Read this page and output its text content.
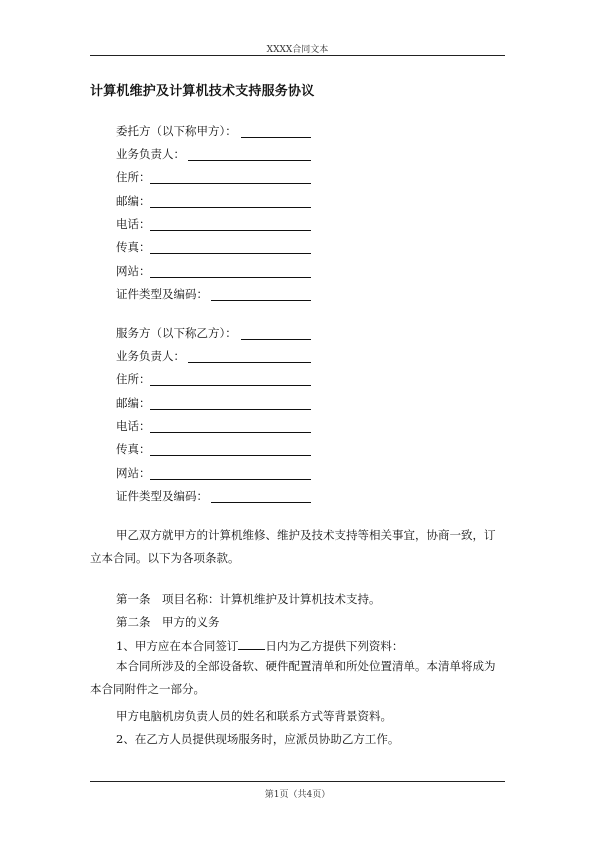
XXXX合同文本
计算机维护及计算机技术支持服务协议
委托方（以下称甲方）：
业务负责人：
住所：
邮编：
电话：
传真：
网站：
证件类型及编码：
服务方（以下称乙方）：
业务负责人：
住所：
邮编：
电话：
传真：
网站：
证件类型及编码：
甲乙双方就甲方的计算机维修、维护及技术支持等相关事宜，协商一致，订立本合同。以下为各项条款。
第一条　项目名称：计算机维护及计算机技术支持。
第二条　甲方的义务
1、甲方应在本合同签订 日内为乙方提供下列资料：
本合同所涉及的全部设备软、硬件配置清单和所处位置清单。本清单将成为本合同附件之一部分。
甲方电脑机房负责人员的姓名和联系方式等背景资料。
2、在乙方人员提供现场服务时，应派员协助乙方工作。
第1页（共4页）
